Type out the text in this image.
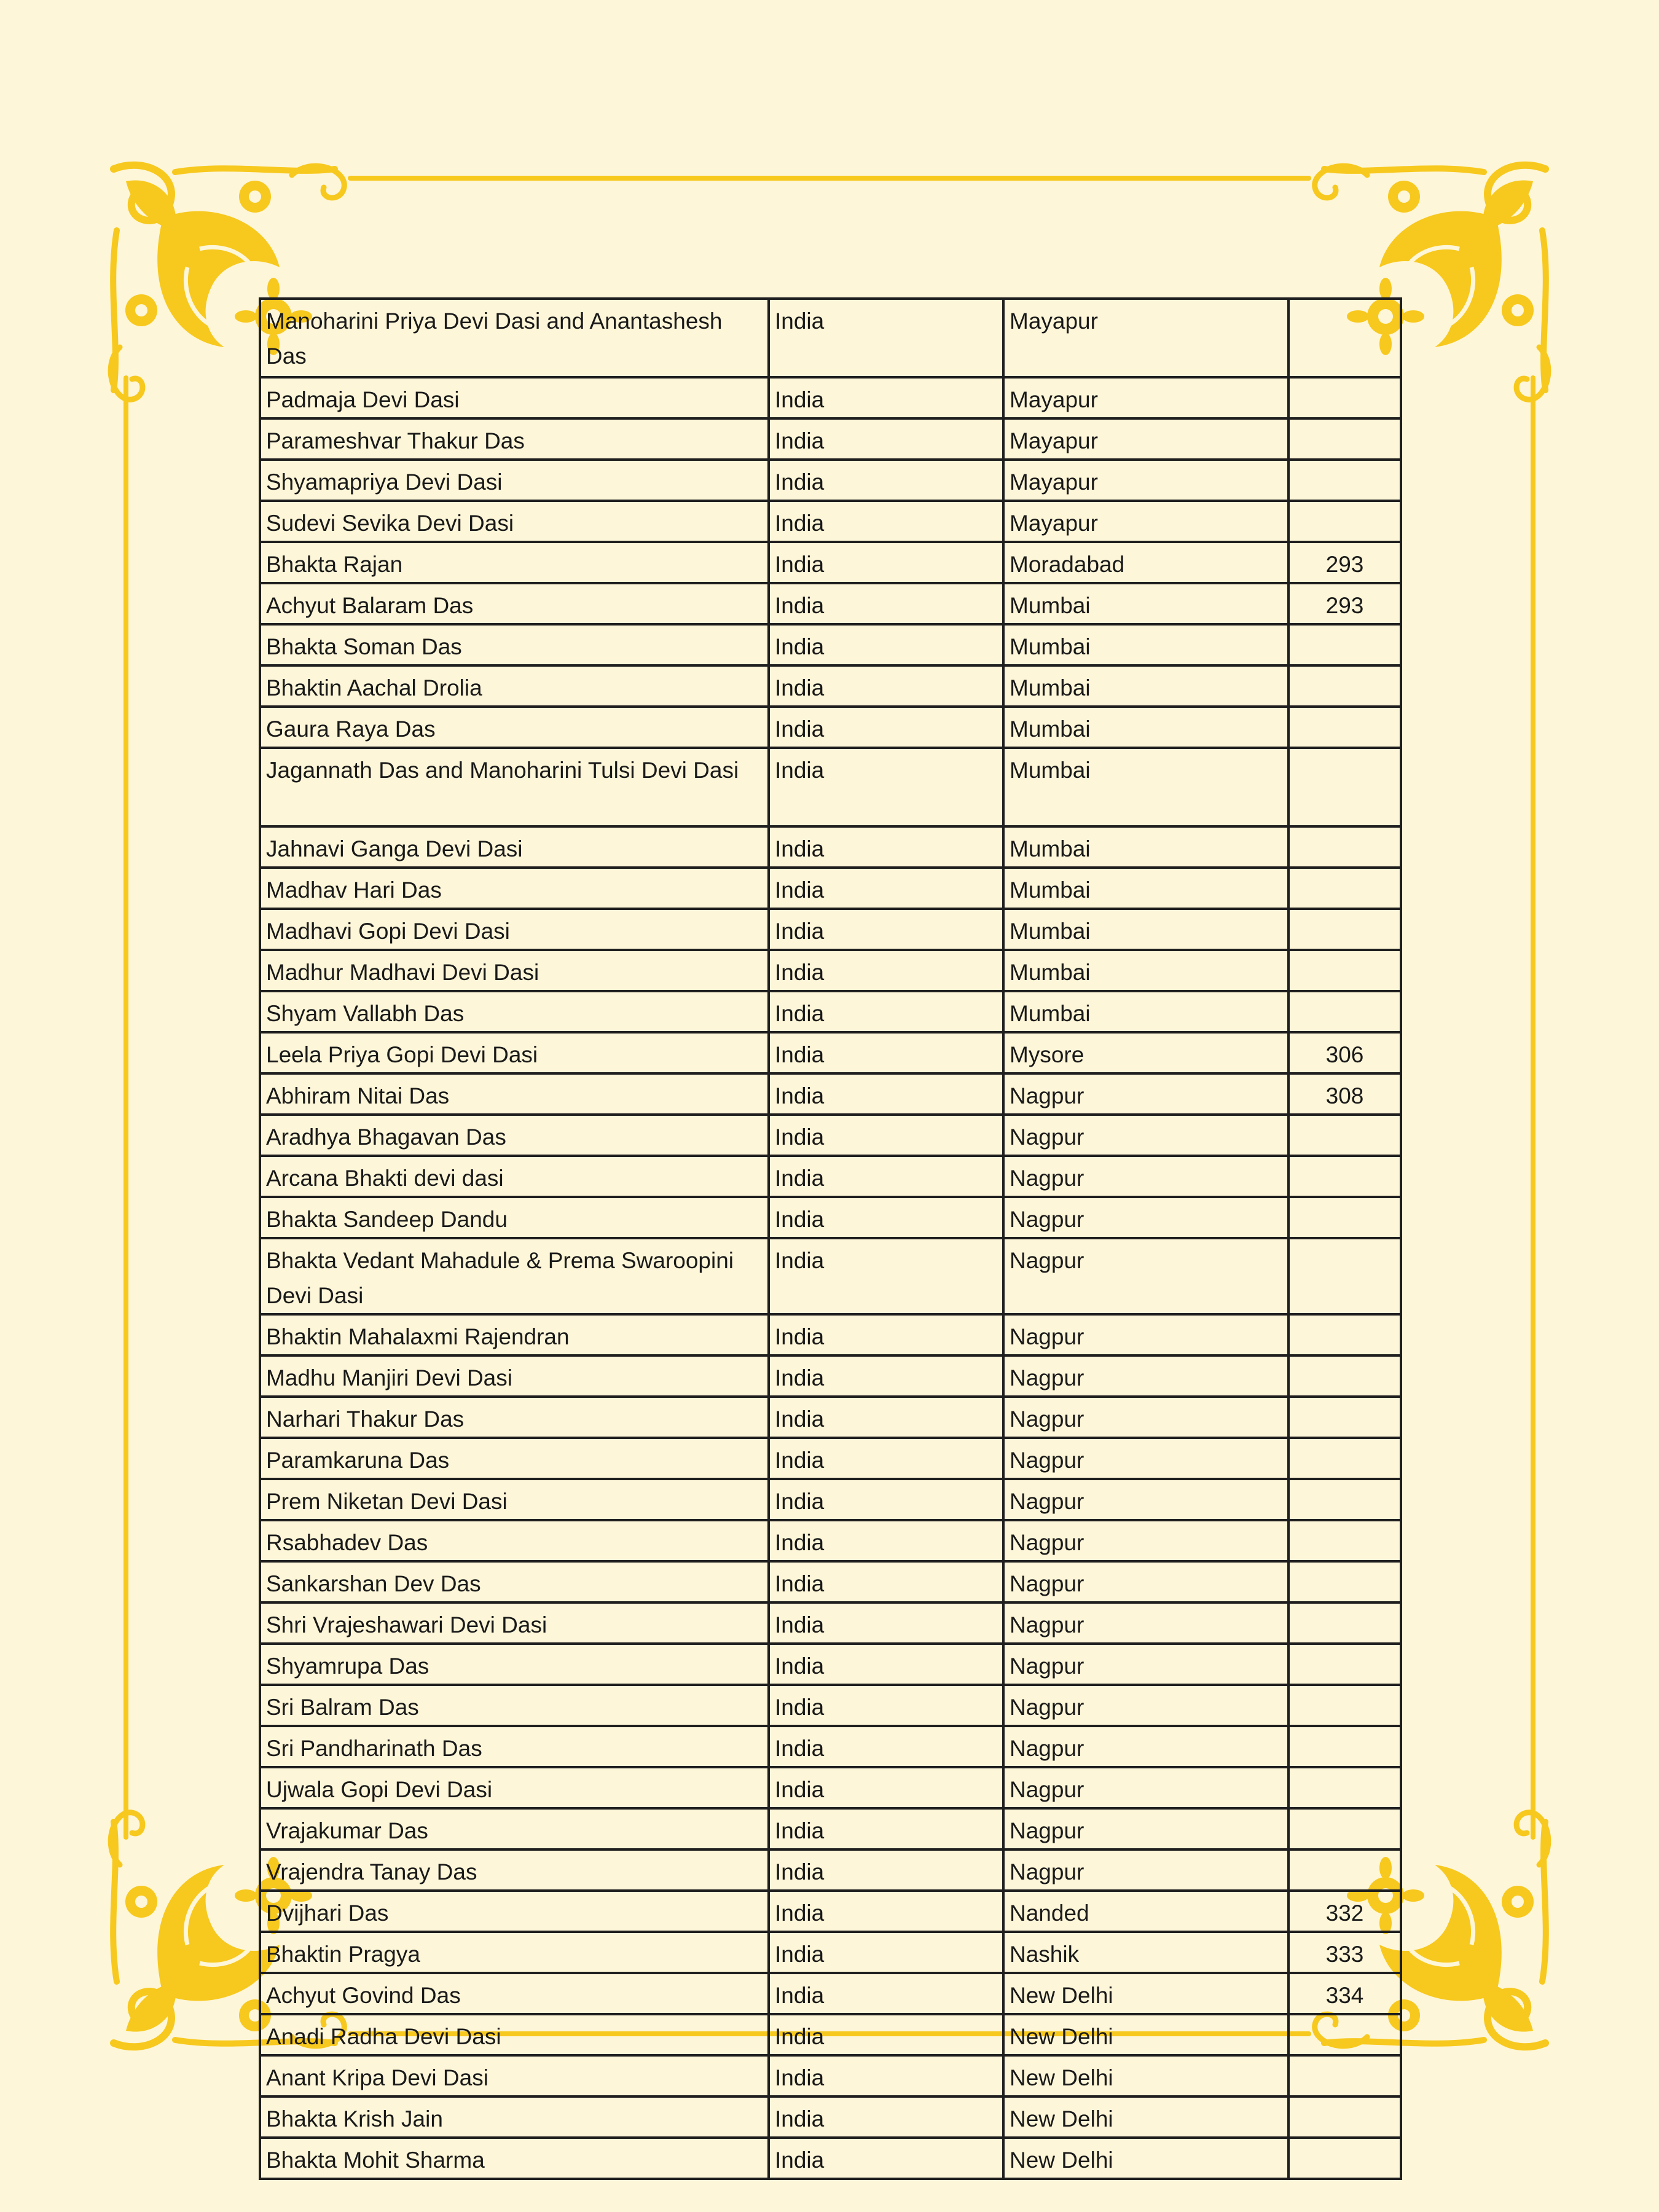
Manoharini Priya Devi Dasi and Anantashesh Das	India	Mayapur	
Padmaja Devi Dasi	India	Mayapur	
Parameshvar Thakur Das	India	Mayapur	
Shyamapriya Devi Dasi	India	Mayapur	
Sudevi Sevika Devi Dasi	India	Mayapur	
Bhakta Rajan	India	Moradabad	293
Achyut Balaram Das	India	Mumbai	293
Bhakta Soman Das	India	Mumbai	
Bhaktin Aachal Drolia	India	Mumbai	
Gaura Raya Das	India	Mumbai	
Jagannath Das and Manoharini Tulsi Devi Dasi	India	Mumbai	
Jahnavi Ganga Devi Dasi	India	Mumbai	
Madhav Hari Das	India	Mumbai	
Madhavi Gopi Devi Dasi	India	Mumbai	
Madhur Madhavi Devi Dasi	India	Mumbai	
Shyam Vallabh Das	India	Mumbai	
Leela Priya Gopi Devi Dasi	India	Mysore	306
Abhiram Nitai Das	India	Nagpur	308
Aradhya Bhagavan Das	India	Nagpur	
Arcana Bhakti devi dasi	India	Nagpur	
Bhakta Sandeep Dandu	India	Nagpur	
Bhakta Vedant Mahadule & Prema Swaroopini Devi Dasi	India	Nagpur	
Bhaktin Mahalaxmi Rajendran	India	Nagpur	
Madhu Manjiri Devi Dasi	India	Nagpur	
Narhari Thakur Das	India	Nagpur	
Paramkaruna Das	India	Nagpur	
Prem Niketan Devi Dasi	India	Nagpur	
Rsabhadev Das	India	Nagpur	
Sankarshan Dev Das	India	Nagpur	
Shri Vrajeshawari Devi Dasi	India	Nagpur	
Shyamrupa Das	India	Nagpur	
Sri Balram Das	India	Nagpur	
Sri Pandharinath Das	India	Nagpur	
Ujwala Gopi Devi Dasi	India	Nagpur	
Vrajakumar Das	India	Nagpur	
Vrajendra Tanay Das	India	Nagpur	
Dvijhari Das	India	Nanded	332
Bhaktin Pragya	India	Nashik	333
Achyut Govind Das	India	New Delhi	334
Anadi Radha Devi Dasi	India	New Delhi	
Anant Kripa Devi Dasi	India	New Delhi	
Bhakta Krish Jain	India	New Delhi	
Bhakta Mohit Sharma	India	New Delhi	
